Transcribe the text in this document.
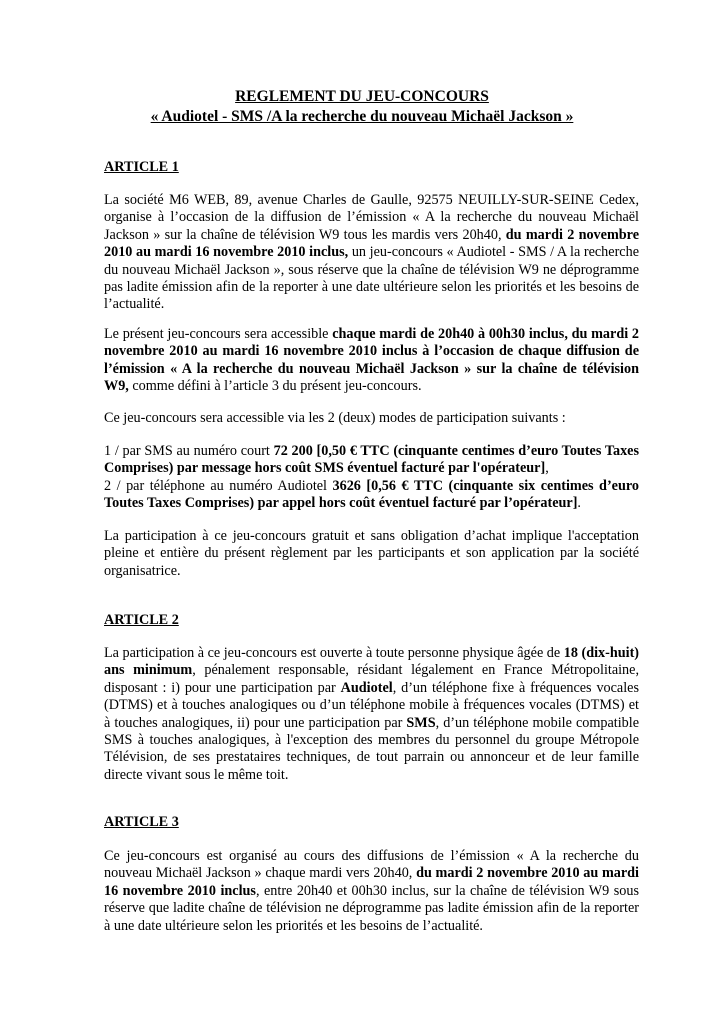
REGLEMENT DU JEU-CONCOURS
« Audiotel - SMS /A la recherche du nouveau Michaël Jackson »
ARTICLE 1

La société M6 WEB, 89, avenue Charles de Gaulle, 92575 NEUILLY-SUR-SEINE Cedex, organise à l’occasion de la diffusion de l’émission « A la recherche du nouveau Michaël Jackson » sur la chaîne de télévision W9 tous les mardis vers 20h40, du mardi 2 novembre 2010 au mardi 16 novembre 2010 inclus, un jeu-concours « Audiotel - SMS / A la recherche du nouveau Michaël Jackson », sous réserve que la chaîne de télévision W9 ne déprogramme pas ladite émission afin de la reporter à une date ultérieure selon les priorités et les besoins de l’actualité.

Le présent jeu-concours sera accessible chaque mardi de 20h40 à 00h30 inclus, du mardi 2 novembre 2010 au mardi 16 novembre 2010 inclus à l’occasion de chaque diffusion de l’émission « A la recherche du nouveau Michaël Jackson » sur la chaîne de télévision W9, comme défini à l’article 3 du présent jeu-concours.

Ce jeu-concours sera accessible via les 2 (deux) modes de participation suivants :

1 / par SMS au numéro court 72 200 [0,50 € TTC (cinquante centimes d’euro Toutes Taxes Comprises) par message hors coût SMS éventuel facturé par l'opérateur],

2 / par téléphone au numéro Audiotel 3626 [0,56 € TTC (cinquante six centimes d’euro Toutes Taxes Comprises) par appel hors coût éventuel facturé par l’opérateur].

La participation à ce jeu-concours gratuit et sans obligation d’achat implique l'acceptation pleine et entière du présent règlement par les participants et son application par la société organisatrice.

ARTICLE 2

La participation à ce jeu-concours est ouverte à toute personne physique âgée de 18 (dix-huit) ans minimum, pénalement responsable, résidant légalement en France Métropolitaine, disposant : i) pour une participation par Audiotel, d’un téléphone fixe à fréquences vocales (DTMS) et à touches analogiques ou d’un téléphone mobile à fréquences vocales (DTMS) et à touches analogiques, ii) pour une participation par SMS, d’un téléphone mobile compatible SMS à touches analogiques, à l'exception des membres du personnel du groupe Métropole Télévision, de ses prestataires techniques, de tout parrain ou annonceur et de leur famille directe vivant sous le même toit.

ARTICLE 3

Ce jeu-concours est organisé au cours des diffusions de l’émission « A la recherche du nouveau Michaël Jackson » chaque mardi vers 20h40, du mardi 2 novembre 2010 au mardi 16 novembre 2010 inclus, entre 20h40 et 00h30 inclus, sur la chaîne de télévision W9 sous réserve que ladite chaîne de télévision ne déprogramme pas ladite émission afin de la reporter à une date ultérieure selon les priorités et les besoins de l’actualité.
